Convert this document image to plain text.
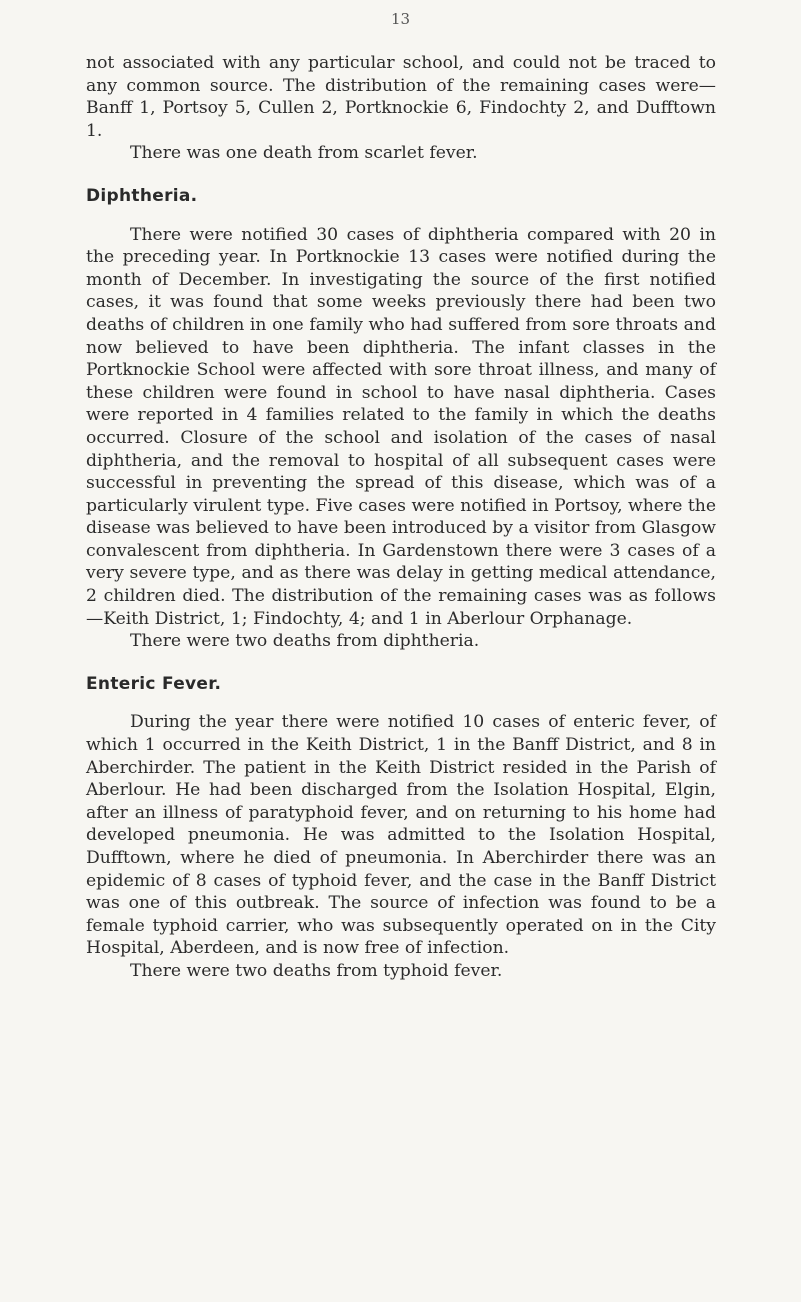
13

not associated with any particular school, and could not be traced to any common source. The distribution of the remaining cases were—Banff 1, Portsoy 5, Cullen 2, Portknockie 6, Findochty 2, and Dufftown 1.

There was one death from scarlet fever.

Diphtheria.

There were notified 30 cases of diphtheria compared with 20 in the preceding year. In Portknockie 13 cases were notified during the month of December. In investigating the source of the first notified cases, it was found that some weeks previously there had been two deaths of children in one family who had suffered from sore throats and now believed to have been diphtheria. The infant classes in the Portknockie School were affected with sore throat illness, and many of these children were found in school to have nasal diphtheria. Cases were reported in 4 families related to the family in which the deaths occurred. Closure of the school and isolation of the cases of nasal diphtheria, and the removal to hospital of all subsequent cases were successful in preventing the spread of this disease, which was of a particularly virulent type. Five cases were notified in Portsoy, where the disease was believed to have been introduced by a visitor from Glasgow convalescent from diphtheria. In Gardenstown there were 3 cases of a very severe type, and as there was delay in getting medical attendance, 2 children died. The distribution of the remaining cases was as follows —Keith District, 1; Findochty, 4; and 1 in Aberlour Orphanage.

There were two deaths from diphtheria.

Enteric Fever.

During the year there were notified 10 cases of enteric fever, of which 1 occurred in the Keith District, 1 in the Banff District, and 8 in Aberchirder. The patient in the Keith District resided in the Parish of Aberlour. He had been discharged from the Isolation Hospital, Elgin, after an illness of paratyphoid fever, and on returning to his home had developed pneumonia. He was admitted to the Isolation Hospital, Dufftown, where he died of pneumonia. In Aberchirder there was an epidemic of 8 cases of typhoid fever, and the case in the Banff District was one of this outbreak. The source of infection was found to be a female typhoid carrier, who was subsequently operated on in the City Hospital, Aberdeen, and is now free of infection.

There were two deaths from typhoid fever.
